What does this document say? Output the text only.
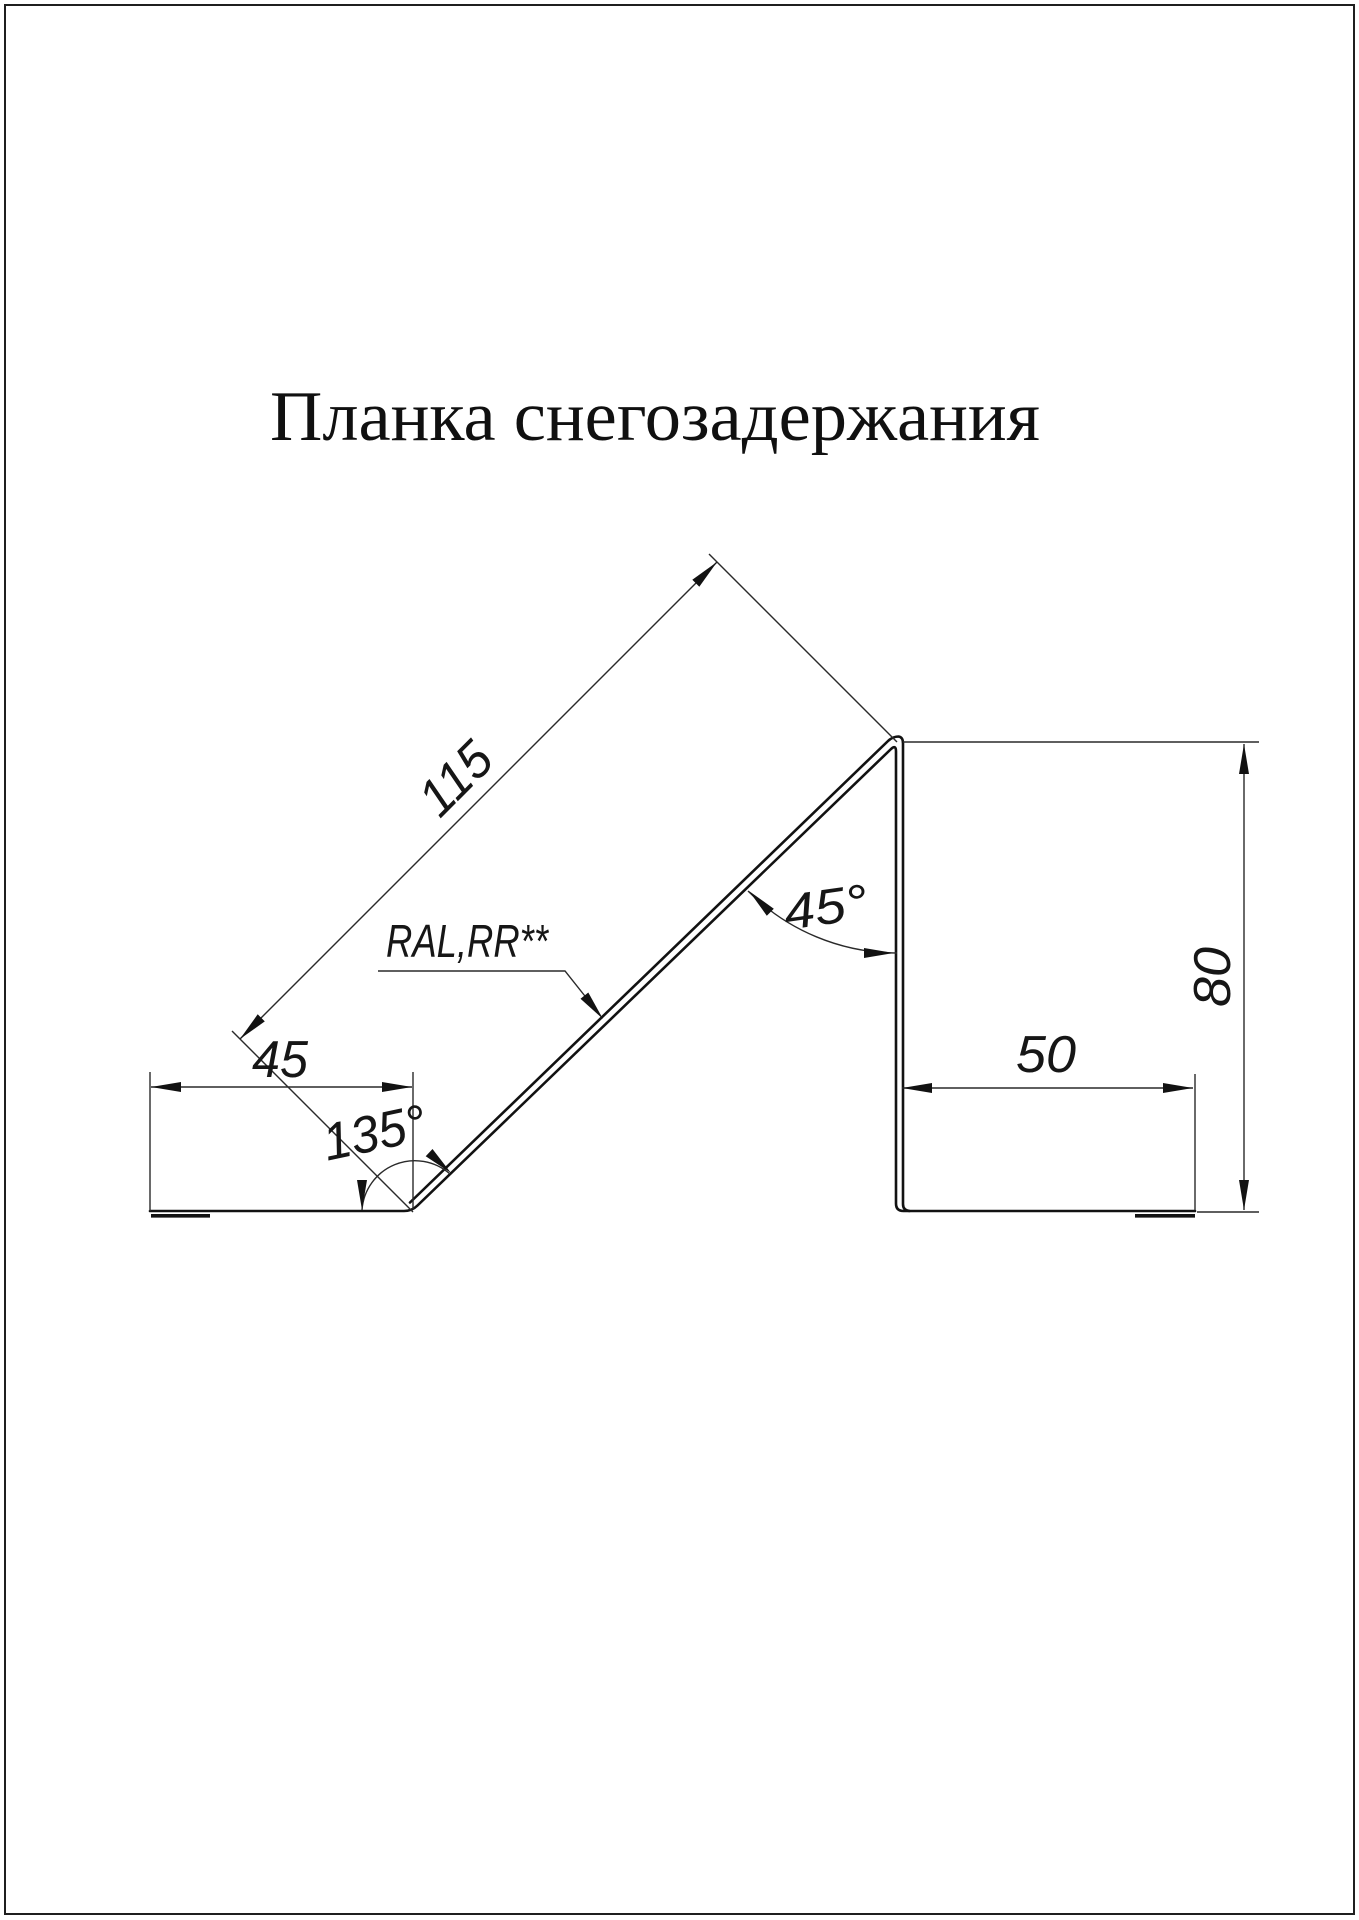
Планка снегозадержания
115
45
135°
45°
RAL,RR**
50
80
